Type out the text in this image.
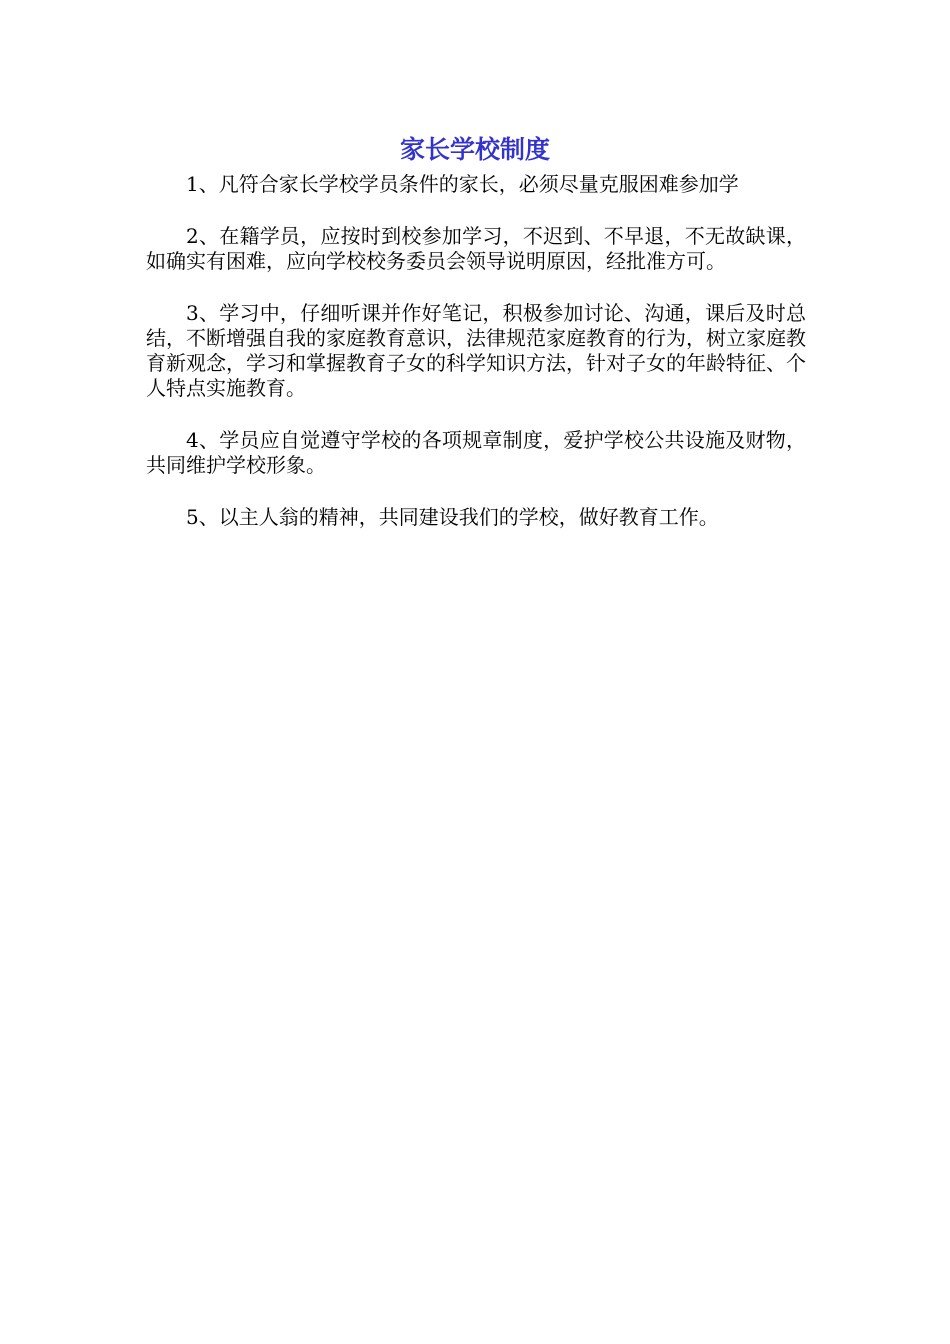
家长学校制度

1、凡符合家长学校学员条件的家长，必须尽量克服困难参加学

2、在籍学员，应按时到校参加学习，不迟到、不早退，不无故缺课，如确实有困难，应向学校校务委员会领导说明原因，经批准方可。

3、学习中，仔细听课并作好笔记，积极参加讨论、沟通，课后及时总结，不断增强自我的家庭教育意识，法律规范家庭教育的行为，树立家庭教育新观念，学习和掌握教育子女的科学知识方法，针对子女的年龄特征、个人特点实施教育。

4、学员应自觉遵守学校的各项规章制度，爱护学校公共设施及财物，共同维护学校形象。

5、以主人翁的精神，共同建设我们的学校，做好教育工作。
